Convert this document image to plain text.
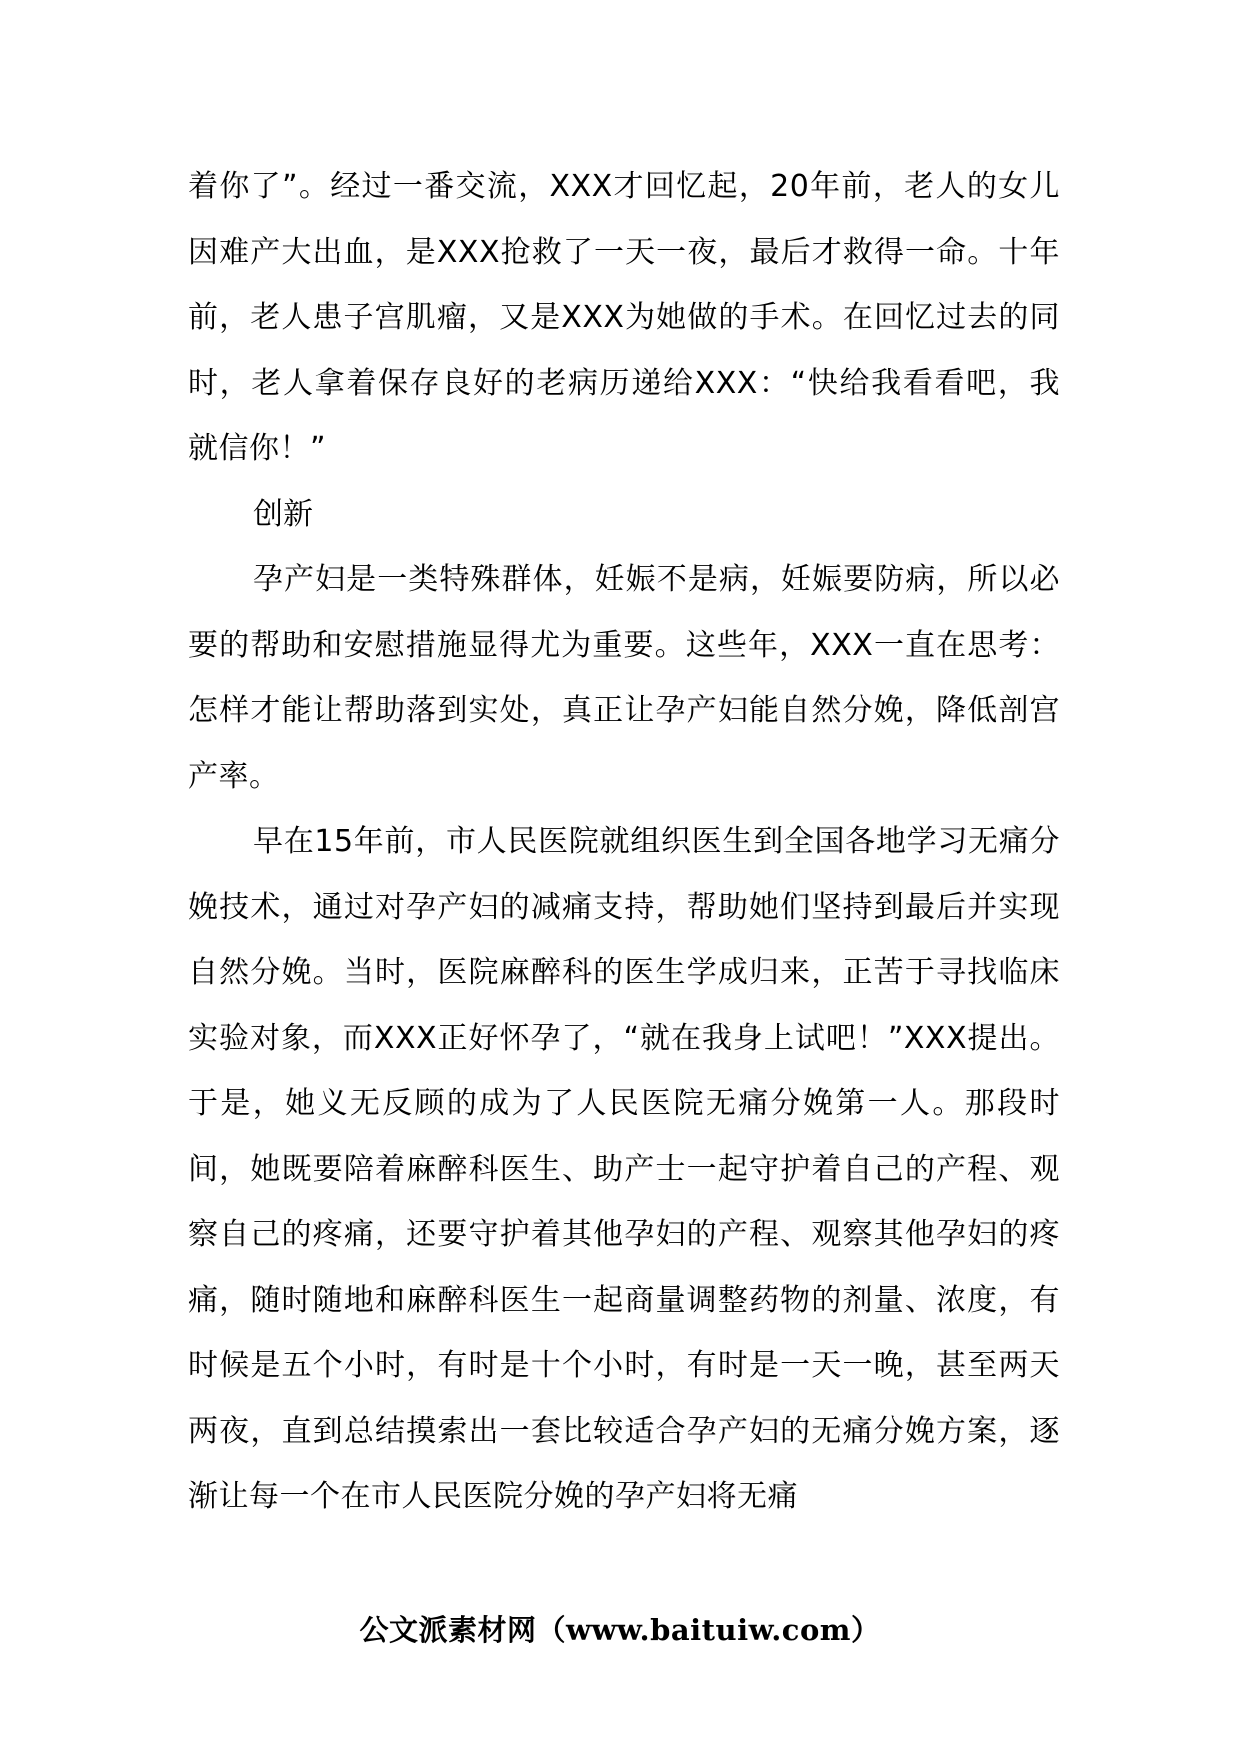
着你了”。经过一番交流，XXX才回忆起，20年前，老人的女儿因难产大出血，是XXX抢救了一天一夜，最后才救得一命。十年前，老人患子宫肌瘤，又是XXX为她做的手术。在回忆过去的同时，老人拿着保存良好的老病历递给XXX：“快给我看看吧，我就信你！”

创新

孕产妇是一类特殊群体，妊娠不是病，妊娠要防病，所以必要的帮助和安慰措施显得尤为重要。这些年，XXX一直在思考：怎样才能让帮助落到实处，真正让孕产妇能自然分娩，降低剖宫产率。

早在15年前，市人民医院就组织医生到全国各地学习无痛分娩技术，通过对孕产妇的减痛支持，帮助她们坚持到最后并实现自然分娩。当时，医院麻醉科的医生学成归来，正苦于寻找临床实验对象，而XXX正好怀孕了，“就在我身上试吧！”XXX提出。于是，她义无反顾的成为了人民医院无痛分娩第一人。那段时间，她既要陪着麻醉科医生、助产士一起守护着自己的产程、观察自己的疼痛，还要守护着其他孕妇的产程、观察其他孕妇的疼痛，随时随地和麻醉科医生一起商量调整药物的剂量、浓度，有时候是五个小时，有时是十个小时，有时是一天一晚，甚至两天两夜，直到总结摸索出一套比较适合孕产妇的无痛分娩方案，逐渐让每一个在市人民医院分娩的孕产妇将无痛

公文派素材网（www.baituiw.com）
